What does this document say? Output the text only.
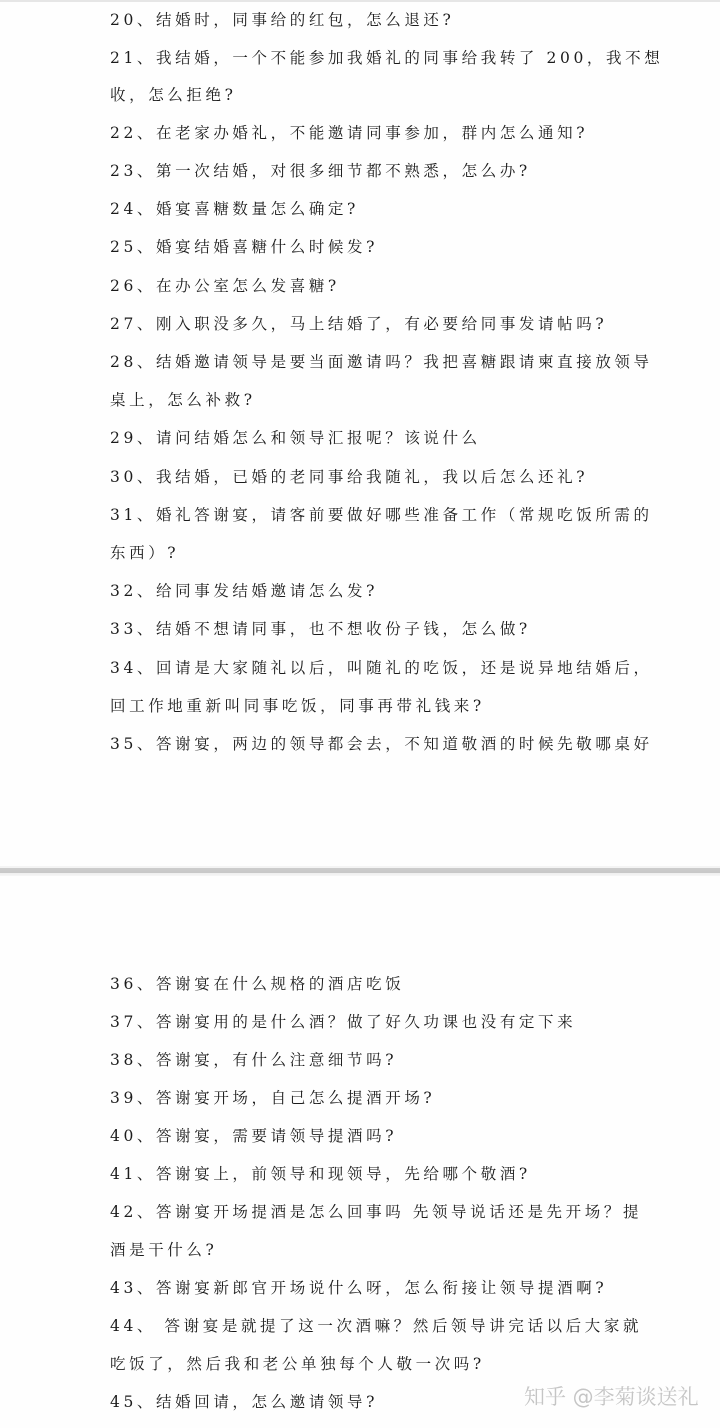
20、结婚时，同事给的红包，怎么退还?
21、我结婚，一个不能参加我婚礼的同事给我转了 200，我不想
收，怎么拒绝?
22、在老家办婚礼，不能邀请同事参加，群内怎么通知?
23、第一次结婚，对很多细节都不熟悉，怎么办?
24、婚宴喜糖数量怎么确定?
25、婚宴结婚喜糖什么时候发?
26、在办公室怎么发喜糖?
27、刚入职没多久，马上结婚了，有必要给同事发请帖吗?
28、结婚邀请领导是要当面邀请吗？我把喜糖跟请柬直接放领导
桌上，怎么补救?
29、请问结婚怎么和领导汇报呢？该说什么
30、我结婚，已婚的老同事给我随礼，我以后怎么还礼?
31、婚礼答谢宴，请客前要做好哪些准备工作（常规吃饭所需的
东西）?
32、给同事发结婚邀请怎么发?
33、结婚不想请同事，也不想收份子钱，怎么做?
34、回请是大家随礼以后，叫随礼的吃饭，还是说异地结婚后，
回工作地重新叫同事吃饭，同事再带礼钱来?
35、答谢宴，两边的领导都会去，不知道敬酒的时候先敬哪桌好
36、答谢宴在什么规格的酒店吃饭
37、答谢宴用的是什么酒？做了好久功课也没有定下来
38、答谢宴，有什么注意细节吗?
39、答谢宴开场，自己怎么提酒开场?
40、答谢宴，需要请领导提酒吗?
41、答谢宴上，前领导和现领导，先给哪个敬酒?
42、答谢宴开场提酒是怎么回事吗 先领导说话还是先开场？提
酒是干什么?
43、答谢宴新郎官开场说什么呀，怎么衔接让领导提酒啊?
44、 答谢宴是就提了这一次酒嘛？然后领导讲完话以后大家就
吃饭了，然后我和老公单独每个人敬一次吗?
45、结婚回请，怎么邀请领导?	知乎 @李菊谈送礼
